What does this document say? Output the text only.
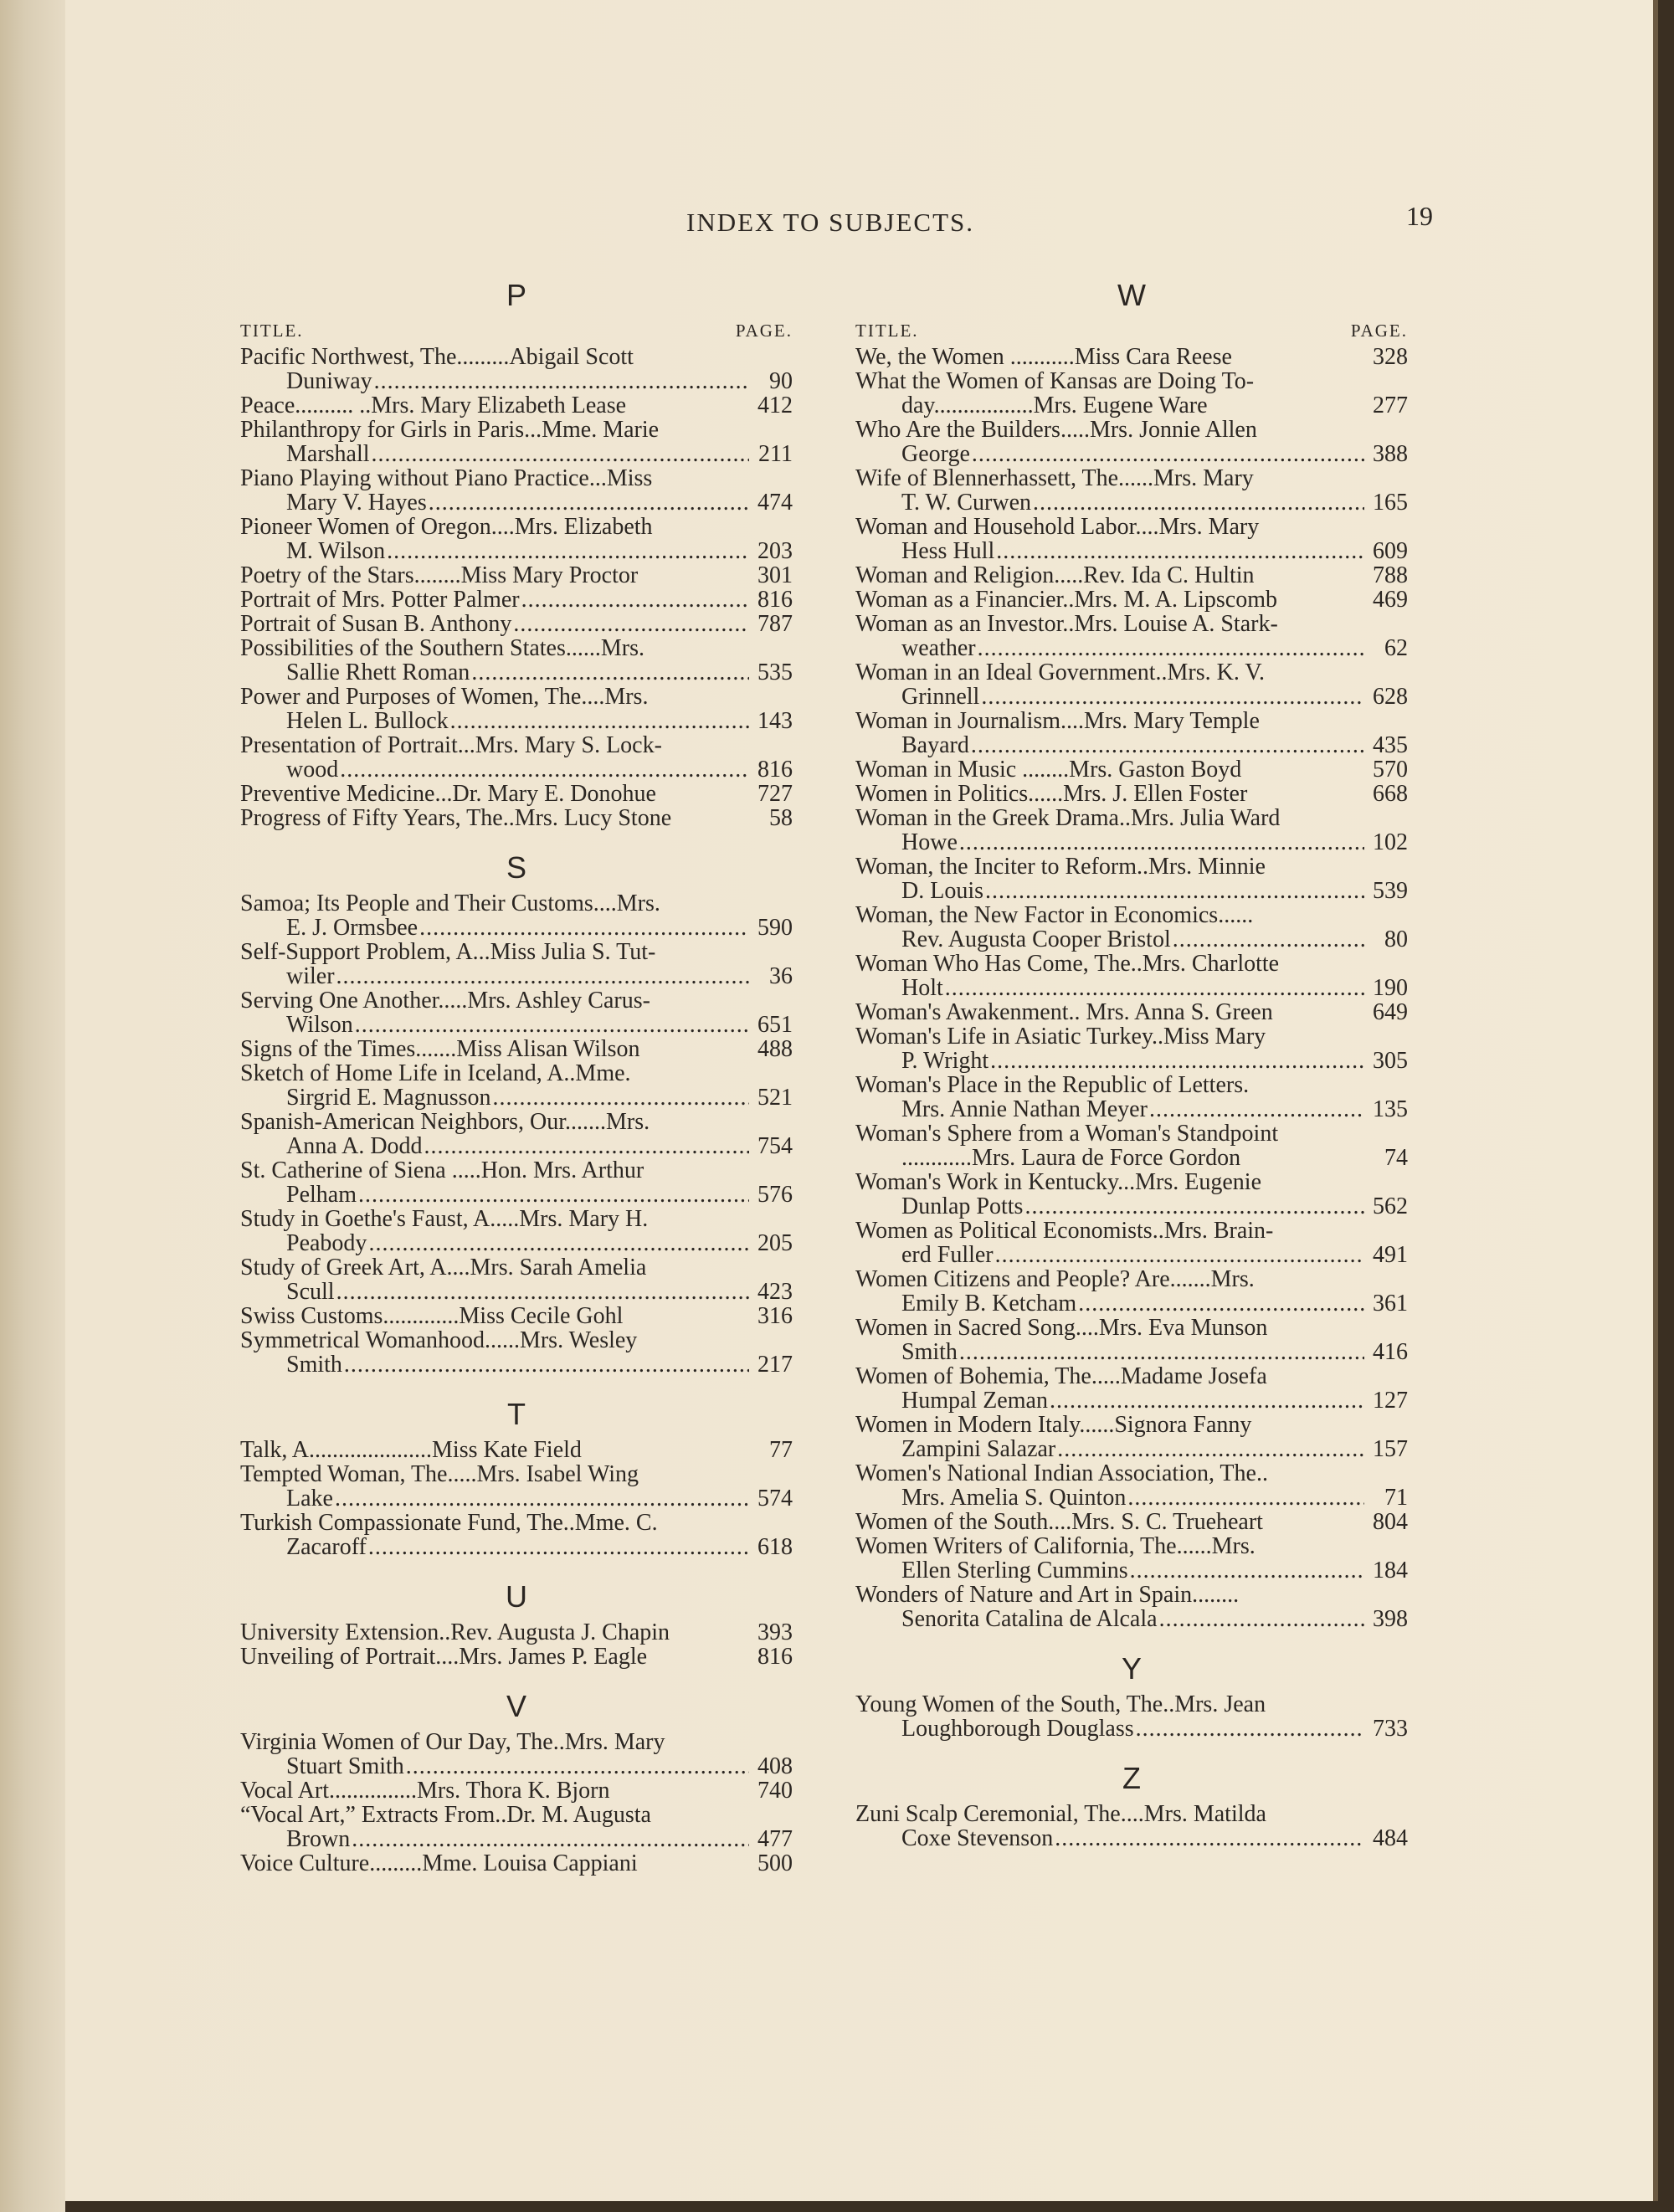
INDEX TO SUBJECTS.	19
P
TITLE.	PAGE.
Pacific Northwest, The.........Abigail Scott
Duniway . . .	90
Peace.......... ..Mrs. Mary Elizabeth Lease	412
Philanthropy for Girls in Paris...Mme. Marie
Marshall . . .	211
Piano Playing without Piano Practice...Miss
Mary V. Hayes . . .	474
Pioneer Women of Oregon....Mrs. Elizabeth
M. Wilson . . .	203
Poetry of the Stars........Miss Mary Proctor	301
Portrait of Mrs. Potter Palmer . . .	816
Portrait of Susan B. Anthony . . .	787
Possibilities of the Southern States......Mrs.
Sallie Rhett Roman . . .	535
Power and Purposes of Women, The....Mrs.
Helen L. Bullock . . .	143
Presentation of Portrait...Mrs. Mary S. Lock-
wood . . .	816
Preventive Medicine...Dr. Mary E. Donohue	727
Progress of Fifty Years, The..Mrs. Lucy Stone	58
S
Samoa; Its People and Their Customs....Mrs.
E. J. Ormsbee . . .	590
Self-Support Problem, A...Miss Julia S. Tut-
wiler . . .	36
Serving One Another.....Mrs. Ashley Carus-
Wilson . . .	651
Signs of the Times.......Miss Alisan Wilson	488
Sketch of Home Life in Iceland, A..Mme.
Sirgrid E. Magnusson . . .	521
Spanish-American Neighbors, Our.......Mrs.
Anna A. Dodd . . .	754
St. Catherine of Siena .....Hon. Mrs. Arthur
Pelham . . .	576
Study in Goethe's Faust, A.....Mrs. Mary H.
Peabody . . .	205
Study of Greek Art, A....Mrs. Sarah Amelia
Scull . . .	423
Swiss Customs.............Miss Cecile Gohl	316
Symmetrical Womanhood......Mrs. Wesley
Smith . . .	217
T
Talk, A.....................Miss Kate Field	77
Tempted Woman, The.....Mrs. Isabel Wing
Lake . . .	574
Turkish Compassionate Fund, The..Mme. C.
Zacaroff . . .	618
U
University Extension..Rev. Augusta J. Chapin	393
Unveiling of Portrait....Mrs. James P. Eagle	816
V
Virginia Women of Our Day, The..Mrs. Mary
Stuart Smith . . .	408
Vocal Art...............Mrs. Thora K. Bjorn	740
“Vocal Art,” Extracts From..Dr. M. Augusta
Brown . . .	477
Voice Culture.........Mme. Louisa Cappiani	500
W
TITLE.	PAGE.
We, the Women ...........Miss Cara Reese	328
What the Women of Kansas are Doing To-
day.................Mrs. Eugene Ware	277
Who Are the Builders.....Mrs. Jonnie Allen
George . . .	388
Wife of Blennerhassett, The......Mrs. Mary
T. W. Curwen . . .	165
Woman and Household Labor....Mrs. Mary
Hess Hull . . .	609
Woman and Religion.....Rev. Ida C. Hultin	788
Woman as a Financier..Mrs. M. A. Lipscomb	469
Woman as an Investor..Mrs. Louise A. Stark-
weather . . .	62
Woman in an Ideal Government..Mrs. K. V.
Grinnell . . .	628
Woman in Journalism....Mrs. Mary Temple
Bayard . . .	435
Woman in Music ........Mrs. Gaston Boyd	570
Women in Politics......Mrs. J. Ellen Foster	668
Woman in the Greek Drama..Mrs. Julia Ward
Howe . . .	102
Woman, the Inciter to Reform..Mrs. Minnie
D. Louis . . .	539
Woman, the New Factor in Economics......
Rev. Augusta Cooper Bristol . . .	80
Woman Who Has Come, The..Mrs. Charlotte
Holt . . .	190
Woman's Awakenment.. Mrs. Anna S. Green	649
Woman's Life in Asiatic Turkey..Miss Mary
P. Wright . . .	305
Woman's Place in the Republic of Letters.
Mrs. Annie Nathan Meyer . . .	135
Woman's Sphere from a Woman's Standpoint
............Mrs. Laura de Force Gordon	74
Woman's Work in Kentucky...Mrs. Eugenie
Dunlap Potts . . .	562
Women as Political Economists..Mrs. Brain-
erd Fuller . . .	491
Women Citizens and People? Are.......Mrs.
Emily B. Ketcham . . .	361
Women in Sacred Song....Mrs. Eva Munson
Smith . . .	416
Women of Bohemia, The.....Madame Josefa
Humpal Zeman . . .	127
Women in Modern Italy......Signora Fanny
Zampini Salazar . . .	157
Women's National Indian Association, The..
Mrs. Amelia S. Quinton . . .	71
Women of the South....Mrs. S. C. Trueheart	804
Women Writers of California, The......Mrs.
Ellen Sterling Cummins . . .	184
Wonders of Nature and Art in Spain........
Senorita Catalina de Alcala . . .	398
Y
Young Women of the South, The..Mrs. Jean
Loughborough Douglass . . .	733
Z
Zuni Scalp Ceremonial, The....Mrs. Matilda
Coxe Stevenson . . .	484
